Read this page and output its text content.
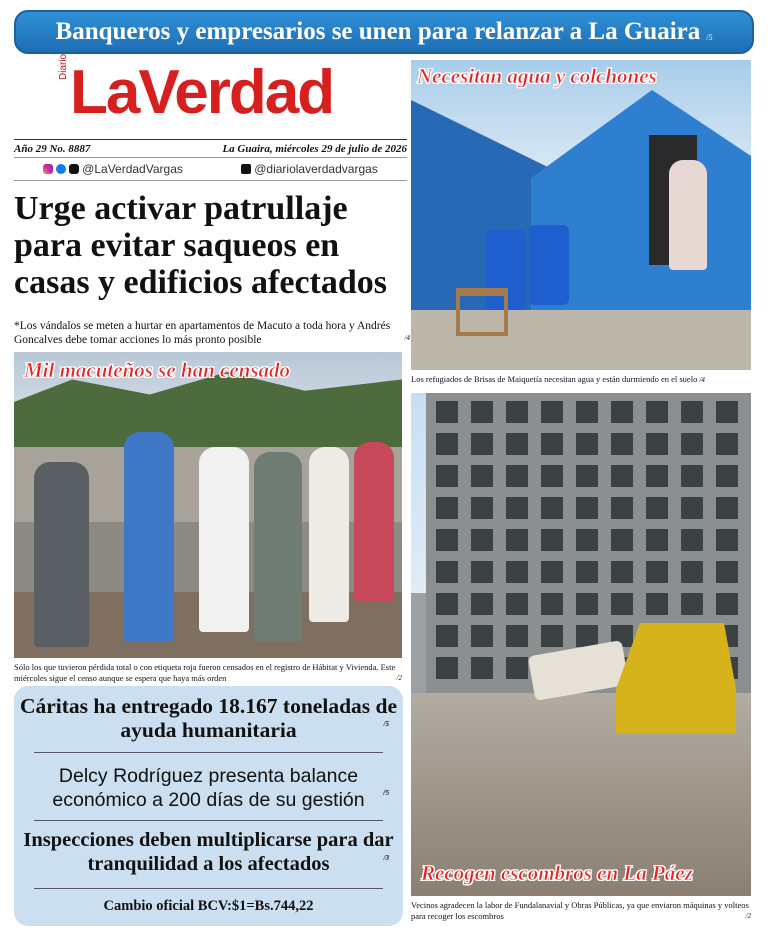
Banqueros y empresarios se unen para relanzar a La Guaira /5
Diario LaVerdad
Año 29 No. 8887	La Guaira, miércoles 29 de julio de 2026
@LaVerdadVargas	@diariolaverdadvargas
Urge activar patrullaje para evitar saqueos en casas y edificios afectados
*Los vándalos se meten a hurtar en apartamentos de Macuto a toda hora y Andrés Goncalves debe tomar acciones lo más pronto posible	/4
Necesitan agua y colchones
Los refugiados de Brisas de Maiquetía necesitan agua y están durmiendo en el suelo /4
Mil macuteños se han censado
Sólo los que tuvieron pérdida total o con etiqueta roja fueron censados en el registro de Hábitat y Vivienda. Este miércoles sigue el censo aunque se espera que haya más orden	/2
Recogen escombros en La Páez
Vecinos agradecen la labor de Fundalanavial y Obras Públicas, ya que enviaron máquinas y volteos para recoger los escombros	/2
Cáritas ha entregado 18.167 toneladas de ayuda humanitaria	/5
Delcy Rodríguez presenta balance económico a 200 días de su gestión	/5
Inspecciones deben multiplicarse para dar tranquilidad a los afectados	/3
Cambio oficial BCV:$1=Bs.744,22
